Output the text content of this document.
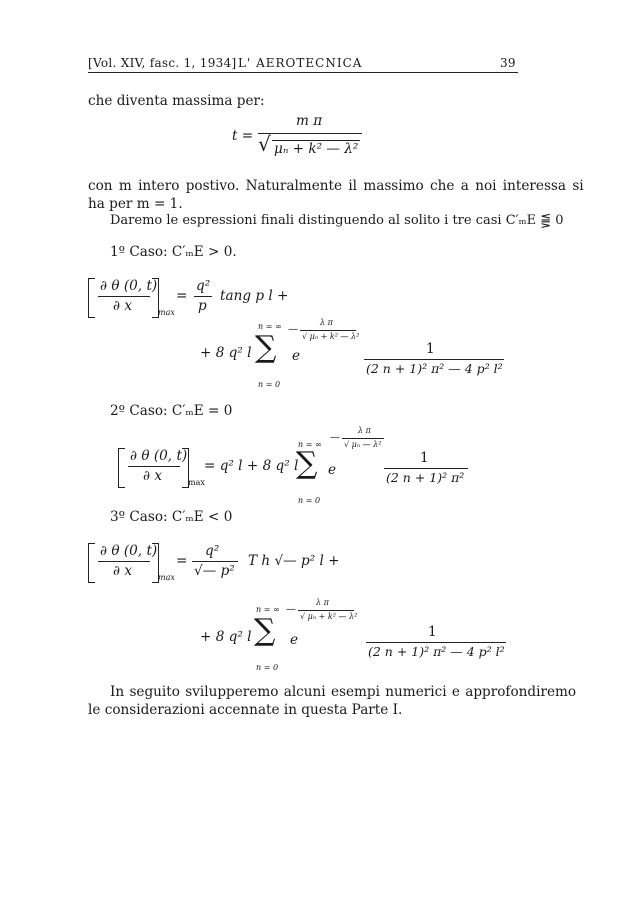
[Vol. XIV, fasc. 1, 1934] L' AEROTECNICA	39
che diventa massima per:
t =
m π
√ μₙ + k² — λ²
con m intero postivo. Naturalmente il massimo che a noi interessa si
ha per m = 1.
Daremo le espressioni finali distinguendo al solito i tre casi C′ₘE ⪋ 0
1º Caso: C′ₘE > 0.
∂ θ (0, t)
∂ x	max
=
q²
p
tang p l +
+ 8 q² l
n = ∞
∑
n = 0
e
—
λ π
√ μₙ + k² — λ²
1
(2 n + 1)² π² — 4 p² l²
2º Caso: C′ₘE = 0
∂ θ (0, t)
∂ x	max
= q² l + 8 q² l
n = ∞
∑
n = 0
e
—
λ π
√ μₙ — λ²
1
(2 n + 1)² π²
3º Caso: C′ₘE < 0
∂ θ (0, t)
∂ x	max
=
q²
√— p²
T h √— p² l +
+ 8 q² l
n = ∞
∑
n = 0
e
—
λ π
√ μₙ + k² — λ²
1
(2 n + 1)² π² — 4 p² l²
In seguito svilupperemo alcuni esempi numerici e approfondiremo
le considerazioni accennate in questa Parte I.
